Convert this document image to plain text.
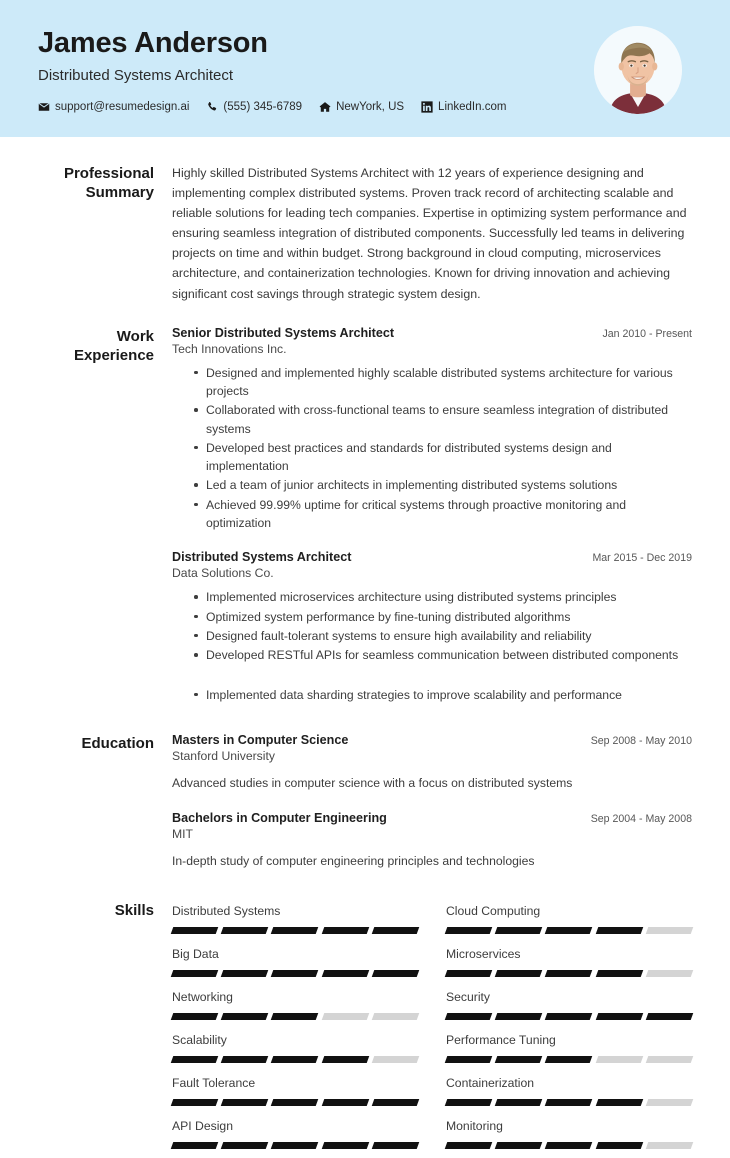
James Anderson
Distributed Systems Architect
support@resumedesign.ai	(555) 345-6789	NewYork, US	LinkedIn.com
Professional Summary
Highly skilled Distributed Systems Architect with 12 years of experience designing and implementing complex distributed systems. Proven track record of architecting scalable and reliable solutions for leading tech companies. Expertise in optimizing system performance and ensuring seamless integration of distributed components. Successfully led teams in delivering projects on time and within budget. Strong background in cloud computing, microservices architecture, and containerization technologies. Known for driving innovation and achieving significant cost savings through strategic system design.
Work Experience
Senior Distributed Systems Architect	Jan 2010 - Present
Tech Innovations Inc.
Designed and implemented highly scalable distributed systems architecture for various projects
Collaborated with cross-functional teams to ensure seamless integration of distributed systems
Developed best practices and standards for distributed systems design and implementation
Led a team of junior architects in implementing distributed systems solutions
Achieved 99.99% uptime for critical systems through proactive monitoring and optimization
Distributed Systems Architect	Mar 2015 - Dec 2019
Data Solutions Co.
Implemented microservices architecture using distributed systems principles
Optimized system performance by fine-tuning distributed algorithms
Designed fault-tolerant systems to ensure high availability and reliability
Developed RESTful APIs for seamless communication between distributed components
Implemented data sharding strategies to improve scalability and performance
Education	Masters in Computer Science	Sep 2008 - May 2010
Stanford University
Advanced studies in computer science with a focus on distributed systems
Bachelors in Computer Engineering	Sep 2004 - May 2008
MIT
In-depth study of computer engineering principles and technologies
Skills	Distributed Systems	Cloud Computing
Big Data	Microservices
Networking	Security
Scalability	Performance Tuning
Fault Tolerance	Containerization
API Design	Monitoring
